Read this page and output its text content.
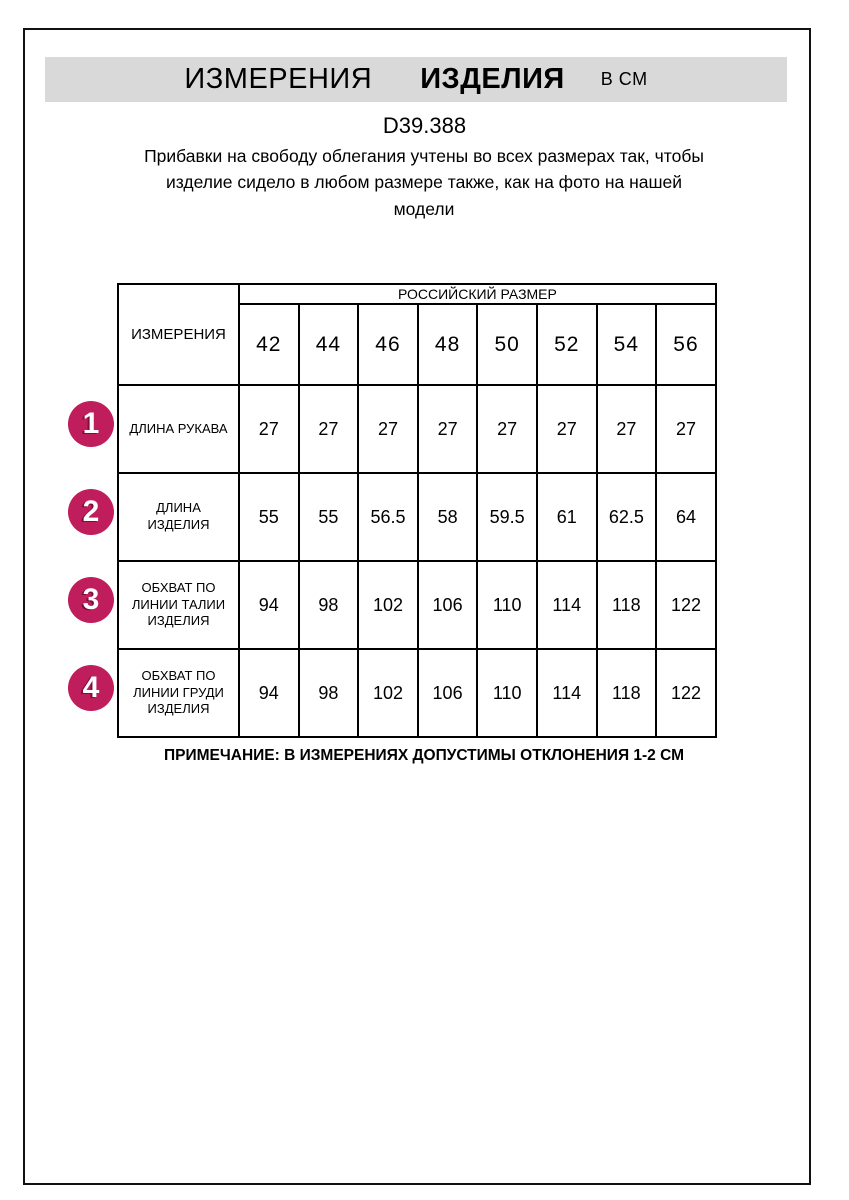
ИЗМЕРЕНИЯ ИЗДЕЛИЯ В СМ
D39.388
Прибавки на свободу облегания учтены во всех размерах так, чтобы
изделие сидело в любом размере также, как на фото на нашей
модели
ИЗМЕРЕНИЯ	РОССИЙСКИЙ РАЗМЕР							
	42	44	46	48	50	52	54	56

ДЛИНА РУКАВА	27	27	27	27	27	27	27	27

ДЛИНА
ИЗДЕЛИЯ	55	55	56.5	58	59.5	61	62.5	64

ОБХВАТ ПО
ЛИНИИ ТАЛИИ
ИЗДЕЛИЯ	94	98	102	106	110	114	118	122

ОБХВАТ ПО
ЛИНИИ ГРУДИ
ИЗДЕЛИЯ	94	98	102	106	110	114	118	122
1
2
3
4
ПРИМЕЧАНИЕ: В ИЗМЕРЕНИЯХ ДОПУСТИМЫ ОТКЛОНЕНИЯ 1-2 СМ
